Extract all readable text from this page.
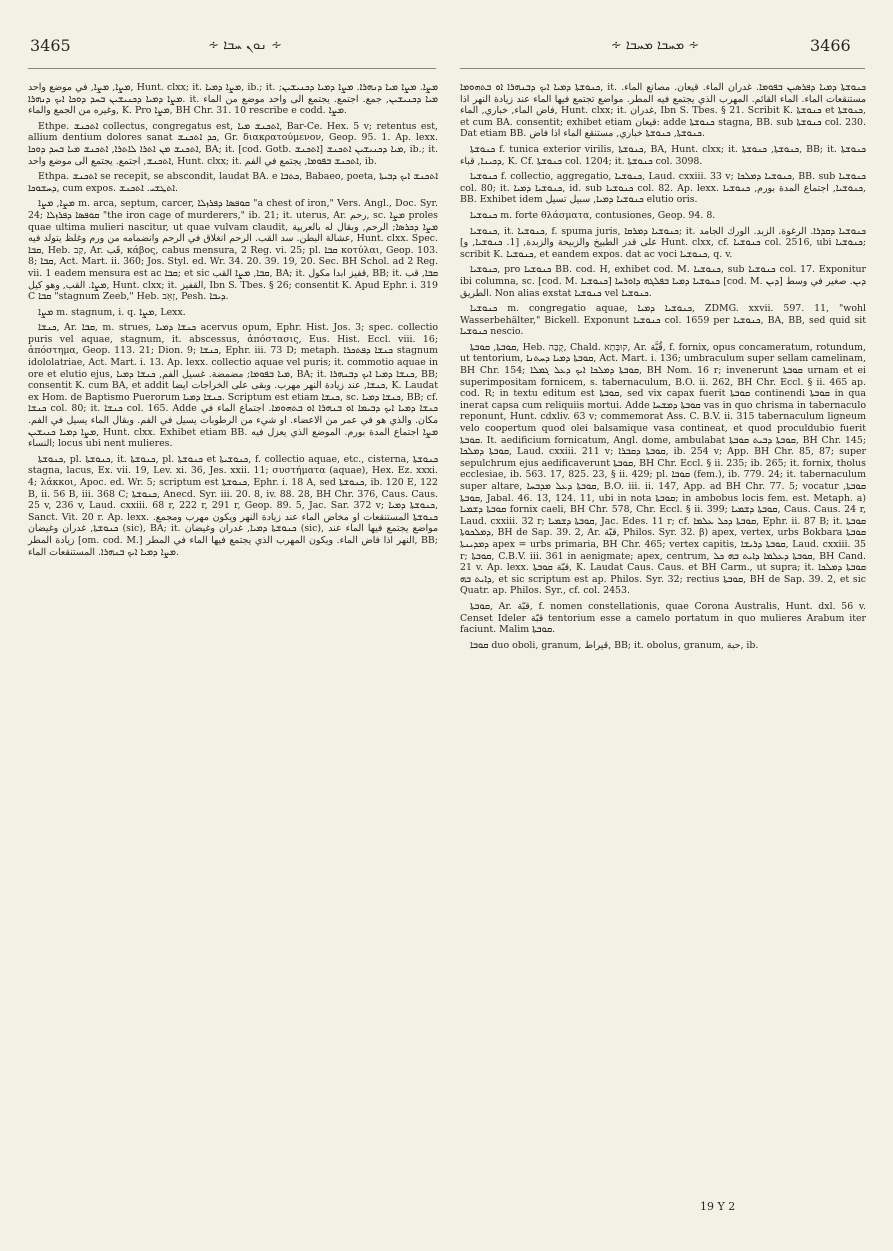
3465	∻ ܢܘܢ ܚܒܐ ∻	∻ ܡܚܒܐ ܡܚܒܐ ∻	3466

ܡܨܐ, ܡܨܐ, في موضع واحد, Hunt. clxx; it. ܡܨܐ ܕܡܝܐ, ib.; it. ܡܨܐ. ܡܨܐ ܡܝܐ ܕܢܗܪܐ. ܡܨܐ ܕܡܝܐ ܕܟܢܝܫܝܢ; ܡܨܐ ܕܡܝܐ ܕܟܢܝܫܝܢ ܒܚܕ ܕܘܟܐ ܐܝܟ ܕܢܗܪܐ. it. ܡܝܐ ܕܟܢܝܫܝܢ, جمع. اجتمع. يجتمع الى واحد موضع من الماء وغيره من الجمع والماء, K. Pro ܡܨܐ, BH Chr. 31. 10 rescribe e codd. ܡܨܐ.

Ethpe. ܐܬܟܢܫ collectus, congregatus est, ܐܬܟܢܫ ܡܝܐ, Bar-Ce. Hex. 5 v; retentus est, allium dentium dolores sanat ܟܕ ܐܬܟܢܫ, Gr. διακρατούμενον, Geop. 95. 1. Ap. lexx. ܐܬܟܢܫ ܡܢ ܐܬܪܐ ܠܐܬܪܐ, ܐܬܟܢܫ ܡܝܐ ܒܚܕ ܕܘܟܐ, BA; it. [cod. Gotb. ܐܬܟܢܫ] ܡܝܐ ܕܟܢܝܫܝܢ ܐܬܟܢܫ, ib.; it. ܐܬܟܢܫ, اجتمع. يجتمع الى موضع واحد, Hunt. clxx; it. ܐܬܟܢܫ ܒܦܘܡܐ, يجتمع في الفم, ib.

Ethpa. ܐܬܟܢܫ se recepit, se abscondit, laudat BA. e ܟܬܒܐ, Babaeo, poeta, ܐܬܟܢܫ ܐܝܟ ܕܒܝܬܐ ܕܚܫܘܟܐ, cum expos. ܐܬܛܫܝ. ܐܬܟܢܫ.

ܡܨܐ, ܡܨܐ m. arca, septum, carcer, ܩܘܦܣܐ ܕܦܪܙܠܐ "a chest of iron," Vers. Angl., Doc. Syr. 24; ܩܘܦܣܐ ܕܦܪܙܠܐ "the iron cage of murderers," ib. 21; it. uterus, Ar. رحم, sc. ܡܨܐ proles quae ultima mulieri nascitur, ut quae vulvam claudit, ܡܨܐ ܕܟܪܣܐ; الرحم, وبقال له بالعربية عشالة البطن. سد القب. الرحم انغلاق في الرحم وانضمامه من ورم وغلظ يتولد فيه, Hunt. clxx. Spec. ܩܒܐ, Heb. קַב, Ar. قَب, κάβος, cabus mensura, 2 Reg. vi. 25; pl. ܩܒܐ κοτύλαι, Geop. 103. 8; ܩܒܐ, Act. Mart. ii. 360; Jos. Styl. ed. Wr. 34. 20. 39. 19, 20. Sec. BH Schol. ad 2 Reg. vii. 1 eadem mensura est ac ܩܒܐ; et sic ܩܒܐ, ܡܨܐ القب, BA; it. قفيز ابدا مكول, BB; it. ܩܒܐ, قب ܡܨܐ. القب, وهو كيل, Hunt. clxx; it. القفيز, Ibn S. Tbes. § 26; consentit K. Apud Ephr. i. 319 C ܩܒܐ "stagnum Zeeb," Heb. זְאֵב, Pesh. ܕܝܒܐ.

ܡܨܐ m. stagnum, i. q. ܡܨܐ, Lexx.

ܟܢܫܐ, Ar. ܩܒܐ, m. strues, ܟܢܫܐ ܕܡܝܐ acervus opum, Ephr. Hist. Jos. 3; spec. collectio puris vel aquae, stagnum, it. abscessus, ἀπόστασις, Eus. Hist. Eccl. viii. 16; ἀπόστημα, Geop. 113. 21; Dion. 9; ܟܢܫܐ, Ephr. iii. 73 D; metaph. ܟܢܫܐ ܕܦܬܟܪܐ stagnum idololatriae, Act. Mart. i. 13. Ap. lexx. collectio aquae vel puris; it. commotio aquae in ore et elutio ejus, ܡܝܐ ܒܦܘܡܐ; مضمضة. غسيل الفم, ܟܢܫܐ ܕܡܝܐ, BA; it. ܟܢܫܐ ܕܡܝܐ ܐܝܟ ܕܒܢܗܪܐ, BB; consentit K. cum BA, et addit ܟܢܫܐ, عند زيادة النهر مهرب. وبقى على الخراجات ايضا, K. Laudat ex Hom. de Baptismo Puerorum ܟܢܫܐ ܕܡܝܐ. Scriptum est etiam ܟܢܫܐ, sc. ܟܢܫܐ ܕܡܝܐ, BB; cf. ܟܢܫܐ col. 80; it. ܟܢܫܐ col. 165. Adde ܟܢܫܐ ܕܡܝܐ ܐܝܟ ܕܒܝܡܐ ܐܘ ܒܢܗܪܐ ܐܘ ܒܬܗܘܡܐ. اجتماع الماء في مكان. والذي هو في عمر من الاعضاء. او شيء من الرطوبات يسيل في الفم. وبقال الماء يسيل في الفم. ܡܨܐ ܕܡܝܐ ܟܢܝܫܝܢ, Hunt. clxx. Exhibet etiam BB. ܡܨܐ اجتماع المدة بورم. الموضع الذي يعزل فيه النساء; locus ubi nent mulieres.

ܟܢܘܫܬܐ, pl. ܟܢܘܫܬܐ, it. ܟܢܘܫܬܐ, pl. ܟܢܘܫܬܐ et ܟܢܘܫܝܬܐ, f. collectio aquae, etc., cisterna, ܟܢܘܫܬܐ stagna, lacus, Ex. vii. 19, Lev. xi. 36, Jes. xxii. 11; συστήματα (aquae), Hex. Ez. xxxi. 4; λάκκοι, Apoc. ed. Wr. 5; scriptum est ܟܢܘܫܬܐ, Ephr. i. 18 A, sed ܟܢܘܫܬܐ, ib. 120 E, 122 B, ii. 56 B, iii. 368 C; ܟܢܘܫܬܐ, Anecd. Syr. iii. 20. 8, iv. 88. 28, BH Chr. 376, Caus. Caus. 25 v, 236 v, Laud. cxxiii. 68 r, 222 r, 291 r, Geop. 89. 5, Jac. Sar. 372 v; ܟܢܘܫܬܐ ܕܡܝܐ, Sanct. Vit. 20 r. Ap. lexx. ܟܢܘܫܬܐ المستنقعات او مخاض الماء عند زيادة النهر ويكون مهرب ومجمع. ܟܢܘܫܬܐ, غدران وغيضان (sic), BA; it. ܟܢܘܫܬܐ ܕܡܝܐ, غدران وغيضان (sic), مواضع يجتمع فيها الماء عند زيادة المطر [om. cod. M.] النهر اذا فاض الماء. ويكون المهرب الذي يجتمع فيها الماء في المطر, BB; ܡܨܐ ܕܡܝܐ ܐܝܟ ܒܢܗܪܐ. المستنقعات الماء.

ܟܢܘܫܬܐ ܕܡܝܐ ܐܝܟ ܕܒܢܗܪܐ ܐܘ ܒܬܗܘܡܐ, it. ܟܢܘܫܬܐ ܕܡܝܐ ܕܦܪܣܝܢ ܒܦܘܡܐ. غدران الماء. قيعان. مصانع الماء. مستنقعات الماء. الماء القائم. المهرب الذي يجتمع فيه المطر. مواضع تجتمع فيها الماء عند زيادة النهر اذا فاض الماء, خباري, الماء, Hunt. clxx; it. غدران, Ibn S. Tbes. § 21. Scribit K. ܟܢܘܫܬܐ et ܟܢܘܫܬܐ, et cum BA. consentit; exhibet etiam قيعان: adde ܟܢܘܫܬܐ stagna, BB. sub ܟܢܘܫܬܐ col. 230. Dat etiam BB. ܟܢܘܫܬܐ, ܟܢܘܫܬܐ خباري, مستنقع الماء اذا فاض.

ܟܢܘܫܬܐ f. tunica exterior virilis, ܟܢܘܫܬܐ, BA, Hunt. clxx; it. ܟܢܘܫܬܐ, ܟܢܘܫܬܐ, BB; it. ܟܢܘܫܬܐ ܕܟܝܢܐ, قباء, K. Cf. ܟܢܘܫܬܐ col. 1204; it. ܟܢܘܫܬܐ col. 3098.

ܟܢܘܫܝܐ f. collectio, aggregatio, ܟܢܘܫܝܐ, Laud. cxxiii. 33 v; ܟܢܘܫܝܐ ܕܡܠܟܐ, BB. sub ܟܢܘܫܝܐ col. 80; it. ܟܢܘܫܝܐ ܕܡܝܐ, id. sub ܟܢܘܫܝܐ col. 82. Ap. lexx. ܟܢܘܫܝܐ, اجتماع المدة بورم, ܟܢܘܫܝܐ, BB. Exhibet idem ܟܢܘܫܝܐ ܕܡܝܐ, سبيل تسيل elutio oris.

ܟܢܘܫܝܐ m. forte θλάσματα, contusiones, Geop. 94. 8.

ܟܢܘܫܝܐ, it. ܟܢܘܫܝܐ, f. spuma juris, ܟܢܘܫܝܐ ܕܡܪܩܐ; it. ܟܢܘܫܝܐ ܕܩܕܪܐ. الرغوة. الزبد. الورك الجامد على قدر الطبيخ والزبيحة والزبدة, [1. ܟܢܘܫܝܐ, و] Hunt. clxx, cf. ܟܢܘܫܝܐ col. 2516, ubi ܟܢܘܫܝܐ; scribit K. ܟܢܘܫܝܐ, et eandem expos. dat ac voci ܟܢܘܫܝܐ, q. v.

ܟܢܘܫܝܐ, pro ܟܢܘܫܝܐ BB. cod. H, exhibet cod. M. ܟܢܘܫܝܐ, sub ܟܢܘܫܝܐ col. 17. Exponitur ibi columna, sc. [cod. M. ܟܢܘܫܝܐ] ܟܢܘܫܝܐ ܕܡܝܐ ܒܦܠܓܗ ܕܐܘܪܚܐ [cod. M. ܕܝܢ] ܕܝܢ. صغير في وسط الطريق. Non alias exstat ܟܢܘܫܝܐ vel ܟܢܘܫܝܐ.

ܟܢܘܫܝܐ m. congregatio aquae, ܟܢܘܫܝܐ ܕܡܝܐ, ZDMG. xxvii. 597. 11, "wohl Wasserbehälter," Bickell. Exponunt ܟܢܘܫܝܐ col. 1659 per ܟܢܘܫܝܐ, BA, BB, sed quid sit ܟܢܘܫܝܐ nescio.

ܩܘܒܬܐ, ܩܘܒܬܐ, Heb. קֻבָּה, Chald. קוּבְּתָא, Ar. قُبَّة, f. fornix, opus concameratum, rotundum, ut tentorium, ܩܘܒܬܐ ܕܡܝܐ ܕܚܬܢܐ, Act. Mart. i. 136; umbraculum super sellam camelinam, BH Chr. 154; ܩܘܒܬܐ ܕܡܠܟܐ ܐܝܟ ܕܥܠ ܓܡܠܐ, BH Nom. 16 r; invenerunt ܩܘܒܬܐ urnam et ei superimpositam fornicem, s. tabernaculum, B.O. ii. 262, BH Chr. Eccl. § ii. 465 ap. cod. R; in textu editum est ܩܘܒܬܐ, sed vix capax fuerit ܩܘܒܬܐ continendi ܩܘܒܬܐ in qua inerat capsa cum reliquiis mortui. Adde ܩܘܒܬܐ ܕܡܫܚܐ vas in quo chrisma in tabernaculo reponunt, Hunt. cdxliv. 63 v; commemorat Ass. C. B.V. ii. 315 tabernaculum ligneum velo coopertum quod olei balsamique vasa contineat, et quod proculdubio fuerit ܩܘܒܬܐ. It. aedificium fornicatum, Angl. dome, ambulabat ܩܘܒܬܐ ܕܒܝܬ ܩܘܒܬܐ, BH Chr. 145; ܩܘܒܬܐ ܕܡܠܟܐ, Laud. cxxiii. 211 v; ܩܘܒܬܐ ܕܩܒܪܐ, ib. 254 v; App. BH Chr. 85, 87; super sepulchrum ejus aedificaverunt ܩܘܒܬܐ, BH Chr. Eccl. § ii. 235; ib. 265; it. fornix, tholus ecclesiae, ib. 563. 17, 825. 23, § ii. 429; pl. ܩܘܒܐ (fem.), ib. 779. 24; it. tabernaculum super altare, ܩܘܒܬܐ ܕܥܠ ܡܕܒܚܐ, B.O. iii. ii. 147, App. ad BH Chr. 77. 5; vocatur ܩܘܒܬܐ, ܩܘܒܬܐ, Jabal. 46. 13, 124. 11, ubi in nota ܩܘܒܬܐ; in ambobus locis fem. est. Metaph. a) ܩܘܒܬܐ ܕܫܡܝܐ fornix caeli, BH Chr. 578, Chr. Eccl. § ii. 399; ܩܘܒܬܐ ܕܫܡܝܐ, Caus. Caus. 24 r, Laud. cxxiii. 32 r; ܩܘܒܬܐ ܕܫܡܝܐ, Jac. Edes. 11 r; cf. ܩܘܒܬܐ ܕܟܠ ܥܠܡܐ, Ephr. ii. 87 B; it. ܩܘܒܬܐ ܕܡܠܟܘܬܐ, BH de Sap. 39. 2, Ar. قبّة, Philos. Syr. 32. β) apex, vertex, urbs Bokbara ܩܘܒܬܐ ܕܡܕܝܢܬܐ apex = urbs primaria, BH Chr. 465; vertex capitis, ܩܘܒܬܐ ܕܪܝܫܐ, Laud. cxxiii. 35 r; ܩܘܒܬܐ, C.B.V. iii. 361 in aenigmate; apex, centrum, ܩܘܒܬܐ ܕܥܠܡܐ ܕܐܝܬ ܒܗ ܟܠ, BH Cand. 21 v. Ap. lexx. قبّة ܩܘܒܬܐ, K. Laudat Caus. Caus. et BH Carm., ut supra; it. ܩܘܒܬܐ ܕܡܠܟܐ ܕܐܝܬ ܒܗ, et sic scriptum est ap. Philos. Syr. 32; rectius ܩܘܒܬܐ, BH de Sap. 39. 2, et sic Quatr. ap. Philos. Syr., cf. col. 2453.

ܩܘܒܬܐ, Ar. قبّة, f. nomen constellationis, quae Corona Australis, Hunt. dxl. 56 v. Censet Ideler قبّة tentorium esse a camelo portatum in quo mulieres Arabum iter faciunt. Malim ܩܘܒܬܐ.

ܩܘܒܐ duo oboli, granum, قيراط, BB; it. obolus, granum, حبة, ib.

19 Y 2
